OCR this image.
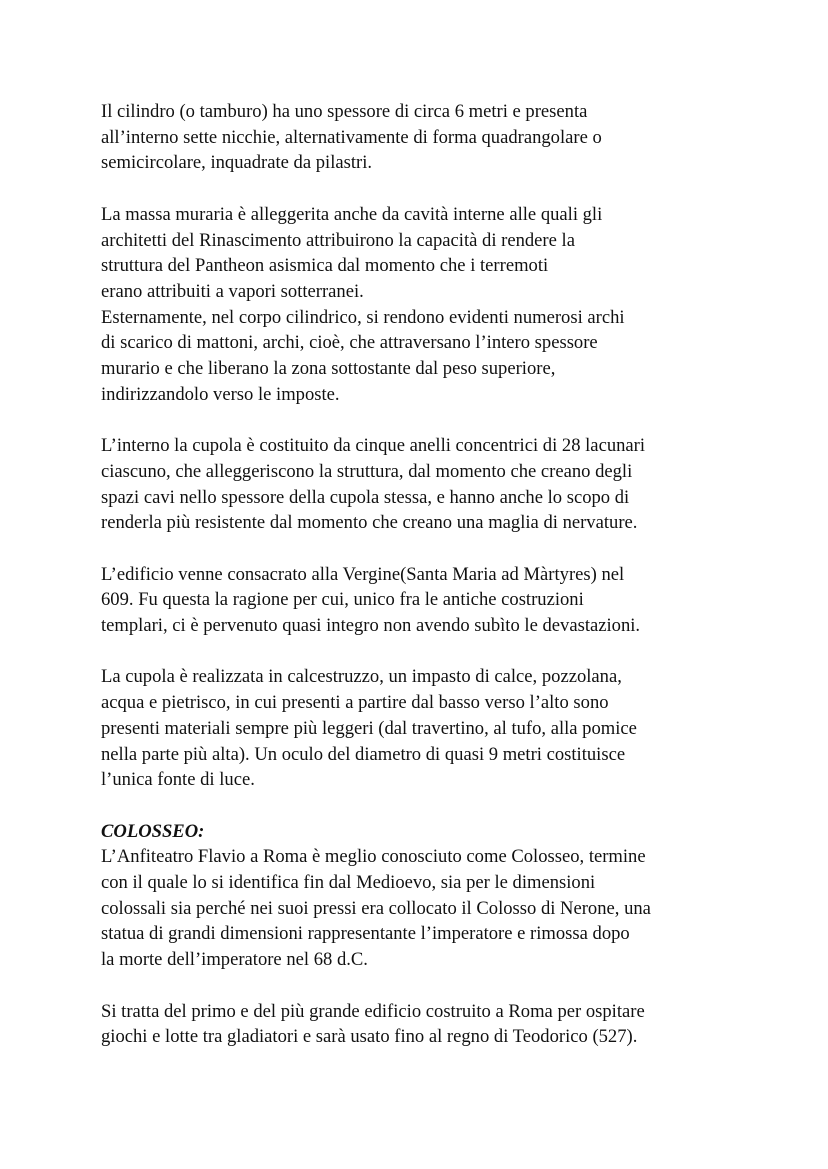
Il cilindro (o tamburo) ha uno spessore di circa 6 metri e presenta
all’interno sette nicchie, alternativamente di forma quadrangolare o
semicircolare, inquadrate da pilastri.
La massa muraria è alleggerita anche da cavità interne alle quali gli
architetti del Rinascimento attribuirono la capacità di rendere la
struttura del Pantheon asismica dal momento che i terremoti
erano attribuiti a vapori sotterranei.
Esternamente, nel corpo cilindrico, si rendono evidenti numerosi archi
di scarico di mattoni, archi, cioè, che attraversano l’intero spessore
murario e che liberano la zona sottostante dal peso superiore,
indirizzandolo verso le imposte.
L’interno la cupola è costituito da cinque anelli concentrici di 28 lacunari
ciascuno, che alleggeriscono la struttura, dal momento che creano degli
spazi cavi nello spessore della cupola stessa, e hanno anche lo scopo di
renderla più resistente dal momento che creano una maglia di nervature.
L’edificio venne consacrato alla Vergine(Santa Maria ad Màrtyres) nel
609. Fu questa la ragione per cui, unico fra le antiche costruzioni
templari, ci è pervenuto quasi integro non avendo subìto le devastazioni.
La cupola è realizzata in calcestruzzo, un impasto di calce, pozzolana,
acqua e pietrisco, in cui presenti a partire dal basso verso l’alto sono
presenti materiali sempre più leggeri (dal travertino, al tufo, alla pomice
nella parte più alta). Un oculo del diametro di quasi 9 metri costituisce
l’unica fonte di luce.
COLOSSEO:
L’Anfiteatro Flavio a Roma è meglio conosciuto come Colosseo, termine
con il quale lo si identifica fin dal Medioevo, sia per le dimensioni
colossali sia perché nei suoi pressi era collocato il Colosso di Nerone, una
statua di grandi dimensioni rappresentante l’imperatore e rimossa dopo
la morte dell’imperatore nel 68 d.C.
Si tratta del primo e del più grande edificio costruito a Roma per ospitare
giochi e lotte tra gladiatori e sarà usato fino al regno di Teodorico (527).
